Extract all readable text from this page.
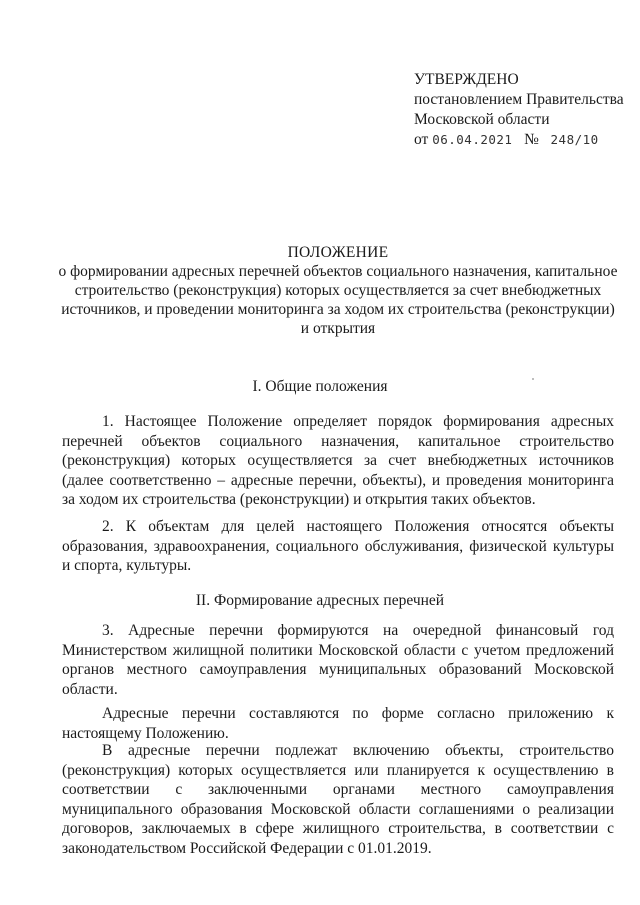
УТВЕРЖДЕНО
постановлением Правительства
Московской области
от 06.04.2021 № 248/10
ПОЛОЖЕНИЕ
о формировании адресных перечней объектов социального назначения, капитальное строительство (реконструкция) которых осуществляется за счет внебюджетных источников, и проведении мониторинга за ходом их строительства (реконструкции) и открытия
I. Общие положения
1. Настоящее Положение определяет порядок формирования адресных перечней объектов социального назначения, капитальное строительство (реконструкция) которых осуществляется за счет внебюджетных источников (далее соответственно – адресные перечни, объекты), и проведения мониторинга за ходом их строительства (реконструкции) и открытия таких объектов.
2. К объектам для целей настоящего Положения относятся объекты образования, здравоохранения, социального обслуживания, физической культуры и спорта, культуры.
II. Формирование адресных перечней
3. Адресные перечни формируются на очередной финансовый год Министерством жилищной политики Московской области с учетом предложений органов местного самоуправления муниципальных образований Московской области.
Адресные перечни составляются по форме согласно приложению к настоящему Положению.
В адресные перечни подлежат включению объекты, строительство (реконструкция) которых осуществляется или планируется к осуществлению в соответствии с заключенными органами местного самоуправления муниципального образования Московской области соглашениями о реализации договоров, заключаемых в сфере жилищного строительства, в соответствии с законодательством Российской Федерации с 01.01.2019.
